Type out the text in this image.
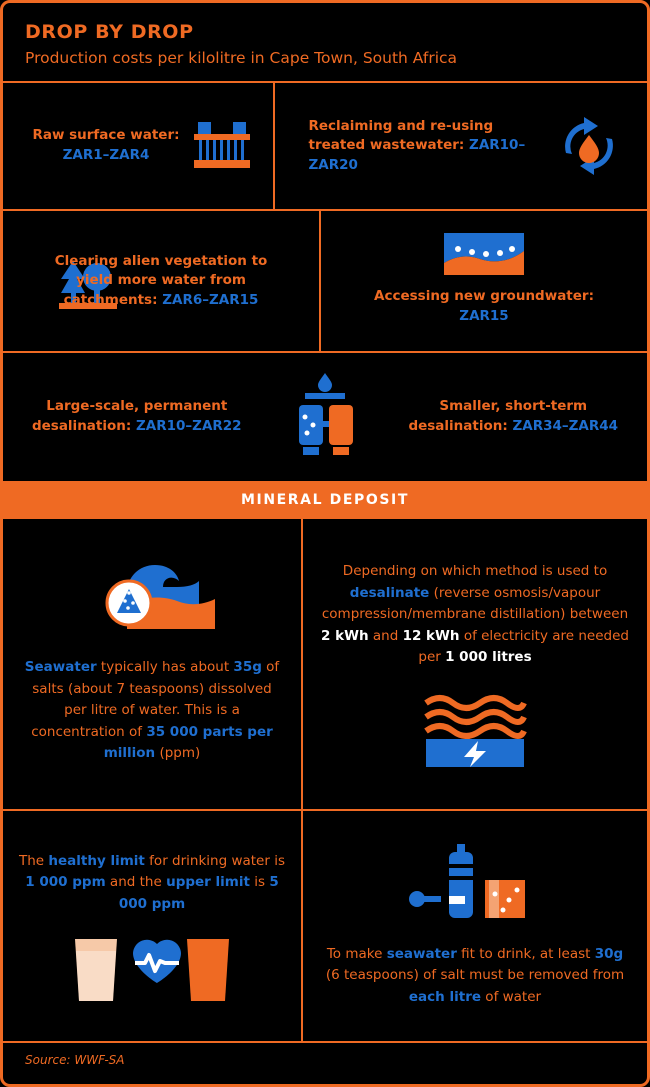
DROP BY DROP
Production costs per kilolitre in Cape Town, South Africa
Raw surface water:
ZAR1–ZAR4
Reclaiming and re-using treated wastewater: ZAR10–ZAR20
Clearing alien vegetation to yield more water from catchments: ZAR6–ZAR15	Accessing new groundwater:
ZAR15
Large-scale, permanent desalination: ZAR10–ZAR22
Smaller, short-term desalination: ZAR34–ZAR44
MINERAL DEPOSIT
Seawater typically has about 35g of salts (about 7 teaspoons) dissolved per litre of water. This is a concentration of 35 000 parts per million (ppm)
Depending on which method is used to desalinate (reverse osmosis/vapour compression/membrane distillation) between 2 kWh and 12 kWh of electricity are needed per 1 000 litres
The healthy limit for drinking water is 1 000 ppm and the upper limit is 5 000 ppm
To make seawater fit to drink, at least 30g (6 teaspoons) of salt must be removed from each litre of water
Source: WWF-SA
